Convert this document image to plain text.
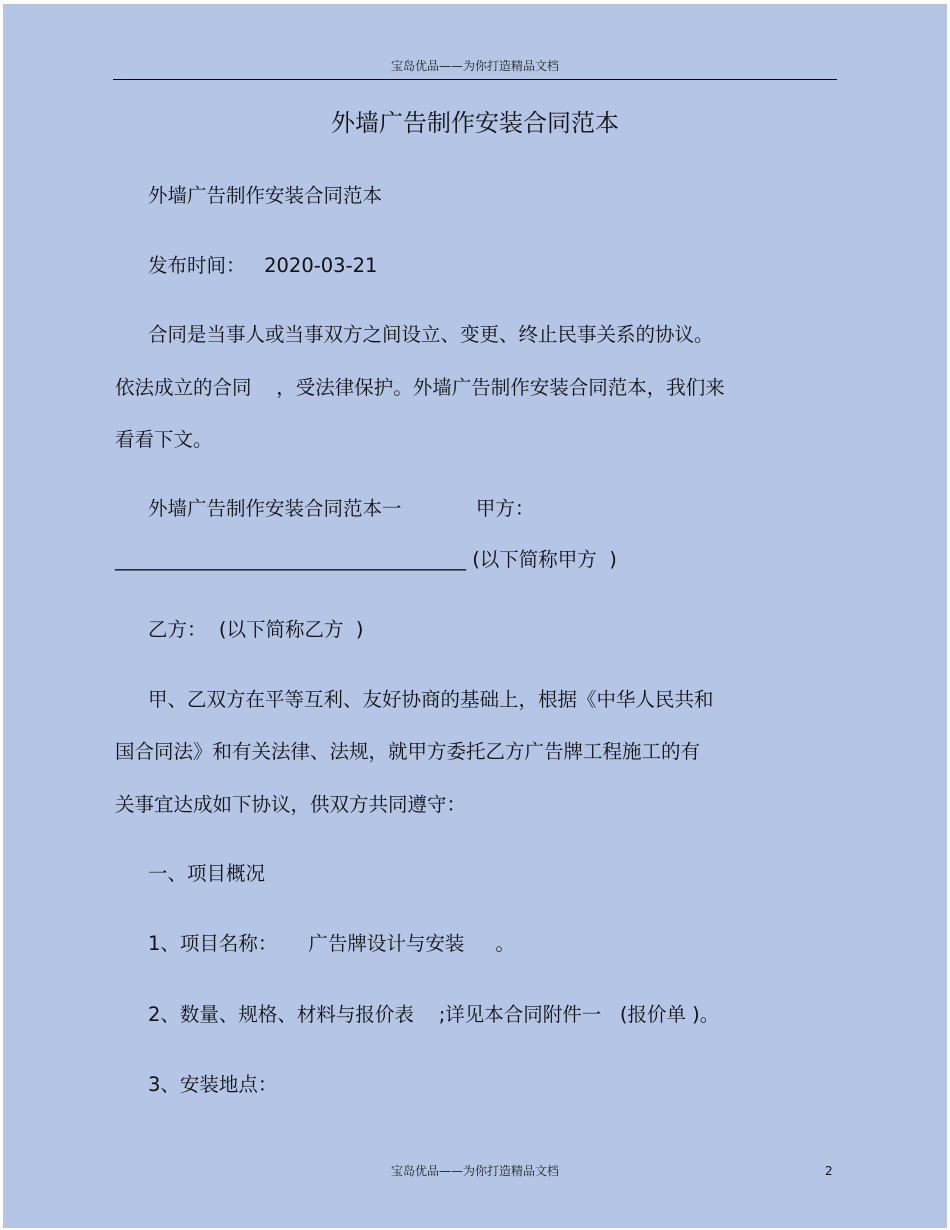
宝岛优品——为你打造精品文档
外墙广告制作安装合同范本
外墙广告制作安装合同范本
发布时间：   2020-03-21
合同是当事人或当事双方之间设立、变更、终止民事关系的协议。
依法成立的合同    ，受法律保护。外墙广告制作安装合同范本，我们来
看看下文。
外墙广告制作安装合同范本一            甲方：
____________________________________ (以下简称甲方  )
乙方：  (以下简称乙方  )
甲、乙双方在平等互利、友好协商的基础上，根据《中华人民共和
国合同法》和有关法律、法规，就甲方委托乙方广告牌工程施工的有
关事宜达成如下协议，供双方共同遵守：
一、项目概况
1、项目名称：     广告牌设计与安装     。
2、数量、规格、材料与报价表    ;详见本合同附件一   (报价单 )。
3、安装地点：
宝岛优品——为你打造精品文档	2
